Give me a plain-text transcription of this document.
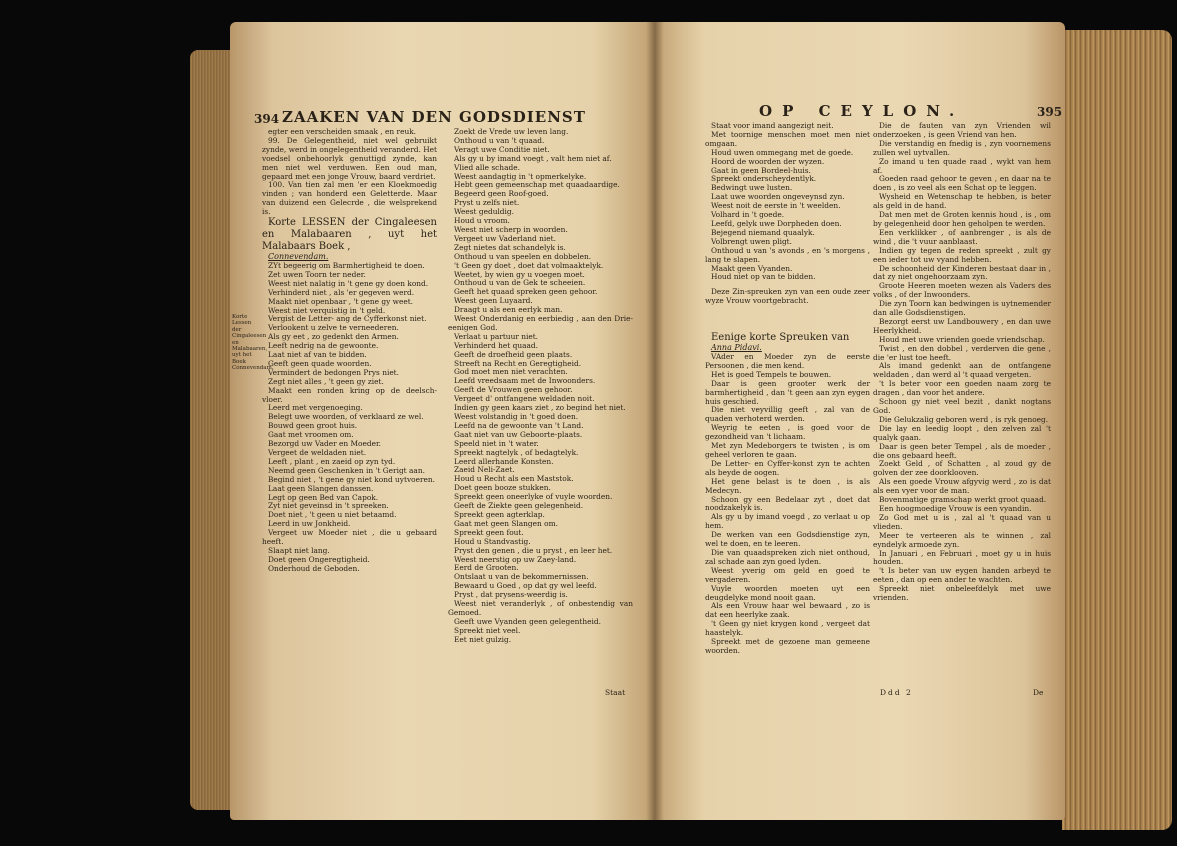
394 ZAAKEN VAN DEN GODSDIENST
Korte Lessen der Cingaleesen en Malabaaren, uyt het Boek Connevendam.

egter een verscheiden smaak , en reuk.

99. De Gelegentheid, niet wel gebruikt zynde, werd in ongelegentheid veranderd. Het voedsel onbehoorlyk genuttigd zynde, kan men niet wel verduwen. Een oud man, gepaard met een jonge Vrouw, baard verdriet.

100. Van tien zal men 'er een Kloekmoedig vinden ; van honderd een Geletterde. Maar van duizend een Gelecrde , die welsprekend is.

Korte LESSEN der Cingaleesen en Malabaaren , uyt het Malabaars Boek ,

Connevendam.

ZYt begeerig om Barmhertigheid te doen.

Zet uwen Toorn ter neder.

Weest niet nalatig in 't gene gy doen kond.

Verhinderd niet , als 'er gegeven werd.

Maakt niet openbaar , 't gene gy weet.

Weest niet verquistig in 't geld.

Vergist de Letter- ang de Cyfferkonst niet.

Verlookent u zelve te verneederen.

Als gy eet , zo gedenkt den Armen.

Leeft nedrig na de gewoonte.

Laat niet af van te bidden.

Geeft geen quade woorden.

Vermindert de bedongen Prys niet.

Zegt niet alles , 't geen gy ziet.

Maakt een ronden kring op de deelsch- vloer.

Leerd met vergenoeging.

Belegt uwe woorden, of verklaard ze wel.

Bouwd geen groot huis.

Gaat met vroomen om.

Bezorgd uw Vader en Moeder.

Vergeet de weldaden niet.

Leeft , plant , en zaeid op zyn tyd.

Neemd geen Geschenken in 't Gerigt aan.

Begind niet , 't gene gy niet kond uytvoeren.

Laat geen Slangen danssen.

Legt op geen Bed van Capok.

Zyt niet geveinsd in 't spreeken.

Doet niet , 't geen u niet betaamd.

Leerd in uw Jonkheid.

Vergeet uw Moeder niet , die u gebaard heeft.

Slaapt niet lang.

Doet geen Ongeregtigheid.

Onderhoud de Geboden.

Zoekt de Vrede uw leven lang.

Onthoud u van 't quaad.

Veragt uwe Conditie niet.

Als gy u by imand voegt , valt hem niet af.

Vlied alle schade.

Weest aandagtig in 't opmerkelyke.

Hebt geen gemeenschap met quaadaardige.

Begeerd geen Roof-goed.

Pryst u zelfs niet.

Weest geduldig.

Houd u vroom.

Weest niet scherp in woorden.

Vergeet uw Vaderland niet.

Zegt nietes dat schandelyk is.

Onthoud u van speelen en dobbelen.

't Geen gy doet , doet dat volmaaktelyk.

Weetet, by wien gy u voegen moet.

Onthoud u van de Gek te scheeien.

Geeft het quaad spreken geen gehoor.

Weest geen Luyaard.

Draagt u als een eerlyk man.

Weest Onderdanig en eerbiedig , aan den Drie-eenigen God.

Verlaat u partuur niet.

Verhinderd het quaad.

Geeft de droefheid geen plaats.

Streeft na Recht en Geregtigheid.

God moet men niet verachten.

Leefd vreedsaam met de Inwoonders.

Geeft de Vrouwen geen gehoor.

Vergeet d' ontfangene weldaden noit.

Indien gy geen kaars ziet , zo begind het niet.

Weest volstandig in 't goed doen.

Leefd na de gewoonte van 't Land.

Gaat niet van uw Geboorte-plaats.

Speeld niet in 't water.

Spreekt nagtelyk , of bedagtelyk.

Leerd allerhande Konsten.

Zaeid Neli-Zaet.

Houd u Recht als een Maststok.

Doet geen booze stukken.

Spreekt geen oneerlyke of vuyle woorden.

Geeft de Ziekte geen gelegenheid.

Spreekt geen agterklap.

Gaat met geen Slangen om.

Spreekt geen fout.

Houd u Standvastig.

Pryst den genen , die u pryst , en leer het.

Weest neerstig op uw Zaey-land.

Eerd de Grooten.

Ontslaat u van de bekommernissen.

Bewaard u Goed , op dat gy wel leefd.

Pryst , dat prysens-weerdig is.

Weest niet veranderlyk , of onbestendig van Gemoed.

Geeft uwe Vyanden geen gelegentheid.

Spreekt niet veel.

Eet niet gulzig.

Staat
OP CEYLON.	395

Staat voor imand aangezigt neit.

Met toornige menschen moet men niet omgaan.

Houd uwen ommegang met de goede.

Hoord de woorden der wyzen.

Gaat in geen Bordeel-huis.

Spreekt onderscheydentlyk.

Bedwingt uwe lusten.

Laat uwe woorden ongeveynsd zyn.

Weest noit de eerste in 't weelden.

Volhard in 't goede.

Leefd, gelyk uwe Dorpheden doen.

Bejegend niemand quaalyk.

Volbrengt uwen pligt.

Onthoud u van 's avonds , en 's morgens , lang te slapen.

Maakt geen Vyanden.

Houd niet op van te bidden.

Deze Zin-spreuken zyn van een oude zeer wyze Vrouw voortgebracht.

Eenige korte Spreuken van

Anna Pidavi.

VAder en Moeder zyn de eerste Persoonen , die men kend.

Het is goed Tempels te bouwen.

Daar is geen grooter werk der barmhertigheid , dan 't geen aan zyn eygen huis geschied.

Die niet veyvillig geeft , zal van de quaden verhoterd werden.

Weyrig te eeten , is goed voor de gezondheid van 't lichaam.

Met zyn Medeborgers te twisten , is om geheel verloren te gaan.

De Letter- en Cyffer-konst zyn te achten als beyde de oogen.

Het gene belast is te doen , is als Medecyn.

Schoon gy een Bedelaar zyt , doet dat noodzakelyk is.

Als gy u by imand voegd , zo verlaat u op hem.

De werken van een Godsdienstige zyn, wel te doen, en te leeren.

Die van quaadspreken zich niet onthoud, zal schade aan zyn goed lyden.

Weest yverig om geld en goed te vergaderen.

Vuyle woorden moeten uyt een deugdelyke mond nooit gaan.

Als een Vrouw haar wel bewaard , zo is dat een heerlyke zaak.

't Geen gy niet krygen kond , vergeet dat haastelyk.

Spreekt met de gezoene man gemeene woorden.

Die de fauten van zyn Vrienden wil onderzoeken , is geen Vriend van hen.

Die verstandig en fnedig is , zyn voornemens zullen wel uytvallen.

Zo imand u ten quade raad , wykt van hem af.

Goeden raad gehoor te geven , en daar na te doen , is zo veel als een Schat op te leggen.

Wysheid en Wetenschap te hebben, is beter als geld in de hand.

Dat men met de Groten kennis houd , is , om by gelegenheid door hen geholpen te werden.

Een verklikker , of aanbrenger , is als de wind , die 't vuur aanblaast.

Indien gy tegen de reden spreekt , zult gy een ieder tot uw vyand hebben.

De schoonheid der Kinderen bestaat daar in , dat zy niet ongehoorzaam zyn.

Groote Heeren moeten wezen als Vaders des volks , of der Inwoonders.

Die zyn Toorn kan bedwingen is uytnemender dan alle Godsdienstigen.

Bezorgt eerst uw Landbouwery , en dan uwe Heerlykheid.

Houd met uwe vrienden goede vriendschap.

Twist , en den dobbel , verderven die gene , die 'er lust toe heeft.

Als imand gedenkt aan de ontfangene weldaden , dan werd al 't quaad vergeten.

't Is beter voor een goeden naam zorg te dragen , dan voor het andere.

Schoon gy niet veel bezit , dankt nogtans God.

Die Gelukzalig geboren werd , is ryk genoeg.

Die lay en leedig loopt , den zelven zal 't qualyk gaan.

Daar is geen beter Tempel , als de moeder , die ons gebaard heeft.

Zoekt Geld , of Schatten , al zoud gy de golven der zee doorklooven.

Als een goede Vrouw afgyvig werd , zo is dat als een vyer voor de man.

Bovenmatige gramschap werkt groot quaad.

Een hoogmoedige Vrouw is een vyandin.

Zo God met u is , zal al 't quaad van u vlieden.

Meer te verteeren als te winnen , zal eyndelyk armoede zyn.

In Januari , en Februari , moet gy u in huis houden.

't Is beter van uw eygen handen arbeyd te eeten , dan op een ander te wachten.

Spreekt niet onbeleefdelyk met uwe vrienden.

Ddd 2	De
